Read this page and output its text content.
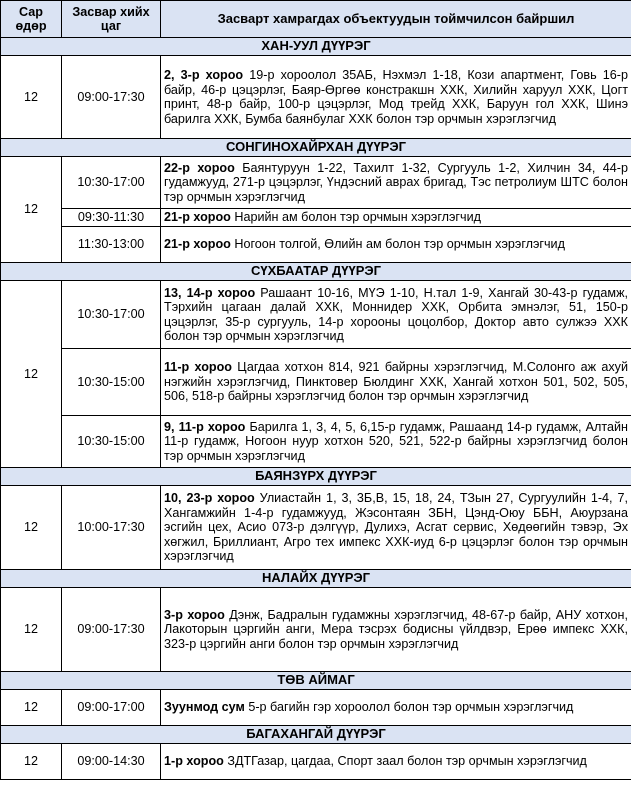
Сар өдөр	Засвар хийх цаг	Засварт хамрагдах объектуудын тоймчилсон байршил
ХАН-УУЛ ДҮҮРЭГ		
12	09:00-17:30	2, 3-р хороо 19-р хороолол 35АБ, Нэхмэл 1-18, Кози апартмент, Говь 16-р байр, 46-р цэцэрлэг, Баяр-Өргөө констракшн ХХК, Хилийн харуул ХХК, Цогт принт, 48-р байр, 100-р цэцэрлэг, Мод трейд ХХК, Баруун гол ХХК, Шинэ барилга ХХК, Бумба баянбулаг ХХК болон тэр орчмын хэрэглэгчид
СОНГИНОХАЙРХАН ДҮҮРЭГ		
12	10:30-17:00	22-р хороо Баянтуруун 1-22, Тахилт 1-32, Сургууль 1-2, Хилчин 34, 44-р гудамжууд, 271-р цэцэрлэг, Үндэсний аврах бригад, Тэс петролиум ШТС болон тэр орчмын хэрэглэгчид
	09:30-11:30	21-р хороо Нарийн ам болон тэр орчмын хэрэглэгчид
	11:30-13:00	21-р хороо Ногоон толгой, Өлийн ам болон тэр орчмын хэрэглэгчид
СҮХБААТАР ДҮҮРЭГ		
12	10:30-17:00	13, 14-р хороо Рашаант 10-16, МҮЭ 1-10, Н.тал 1-9, Хангай 30-43-р гудамж, Тэрхийн цагаан далай ХХК, Моннидер ХХК, Орбита эмнэлэг, 51, 150-р цэцэрлэг, 35-р сургууль, 14-р хорооны цоцолбор, Доктор авто сулжээ ХХК болон тэр орчмын хэрэглэгчид
	10:30-15:00	11-р хороо Цагдаа хотхон 814, 921 байрны хэрэглэгчид, М.Солонго аж ахуй нэгжийн хэрэглэгчид, Пинктовер Бюлдинг ХХК, Хангай хотхон 501, 502, 505, 506, 518-р байрны хэрэглэгчид болон тэр орчмын хэрэглэгчид
	10:30-15:00	9, 11-р хороо Барилга 1, 3, 4, 5, 6,15-р гудамж, Рашаанд 14-р гудамж, Алтайн 11-р гудамж, Ногоон нуур хотхон 520, 521, 522-р байрны хэрэглэгчид болон тэр орчмын хэрэглэгчид
БАЯНЗҮРХ ДҮҮРЭГ		
12	10:00-17:30	10, 23-р хороо Улиастайн 1, 3, 3Б,В, 15, 18, 24, ТЗын 27, Сургуулийн 1-4, 7, Хангамжийн 1-4-р гудамжууд, Жэсонтаян ЗБН, Цэнд-Оюу ББН, Аюурзана эсгийн цех, Асио 073-р дэлгүүр, Дулихэ, Асгат сервис, Хөдөөгийн тэвэр, Эх хөгжил, Бриллиант, Агро тех импекс ХХК-иуд 6-р цэцэрлэг болон тэр орчмын хэрэглэгчид
НАЛАЙХ ДҮҮРЭГ		
12	09:00-17:30	3-р хороо Дэнж, Бадралын гудамжны хэрэглэгчид, 48-67-р байр, АНУ хотхон, Лакоторын цэргийн анги, Мера тэсрэх бодисны үйлдвэр, Ерөө импекс ХХК, 323-р цэргийн анги болон тэр орчмын хэрэглэгчид
ТӨВ АЙМАГ		
12	09:00-17:00	Зуунмод сум 5-р багийн гэр хороолол болон тэр орчмын хэрэглэгчид
БАГАХАНГАЙ ДҮҮРЭГ		
12	09:00-14:30	1-р хороо ЗДТГазар, цагдаа, Спорт заал болон тэр орчмын хэрэглэгчид
